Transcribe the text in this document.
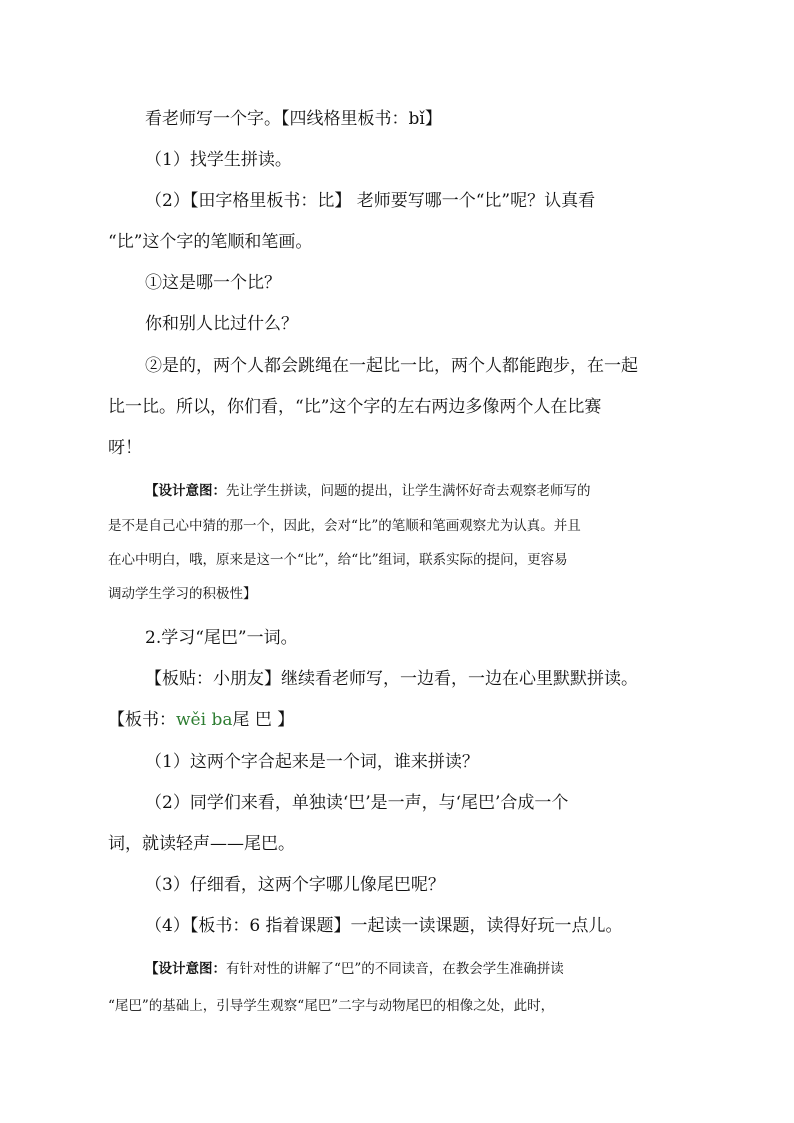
看老师写一个字。【四线格里板书：bǐ】
（1）找学生拼读。
（2）【田字格里板书：比】 老师要写哪一个“比”呢？认真看
“比”这个字的笔顺和笔画。
①这是哪一个比？
你和别人比过什么？
②是的，两个人都会跳绳在一起比一比，两个人都能跑步，在一起
比一比。所以，你们看，“比”这个字的左右两边多像两个人在比赛
呀！
【设计意图：先让学生拼读，问题的提出，让学生满怀好奇去观察老师写的
是不是自己心中猜的那一个，因此，会对“比”的笔顺和笔画观察尤为认真。并且
在心中明白，哦，原来是这一个“比”，给“比”组词，联系实际的提问，更容易
调动学生学习的积极性】
2.学习“尾巴”一词。
【板贴：小朋友】继续看老师写，一边看，一边在心里默默拼读。
【板书：wěi ba尾 巴 】
（1）这两个字合起来是一个词，谁来拼读？
（2）同学们来看，单独读‘巴’是一声，与‘尾巴’合成一个
词，就读轻声——尾巴。
（3）仔细看，这两个字哪儿像尾巴呢？
（4）【板书：6 指着课题】一起读一读课题，读得好玩一点儿。
【设计意图：有针对性的讲解了“巴”的不同读音，在教会学生准确拼读
“尾巴”的基础上，引导学生观察“尾巴”二字与动物尾巴的相像之处，此时，
